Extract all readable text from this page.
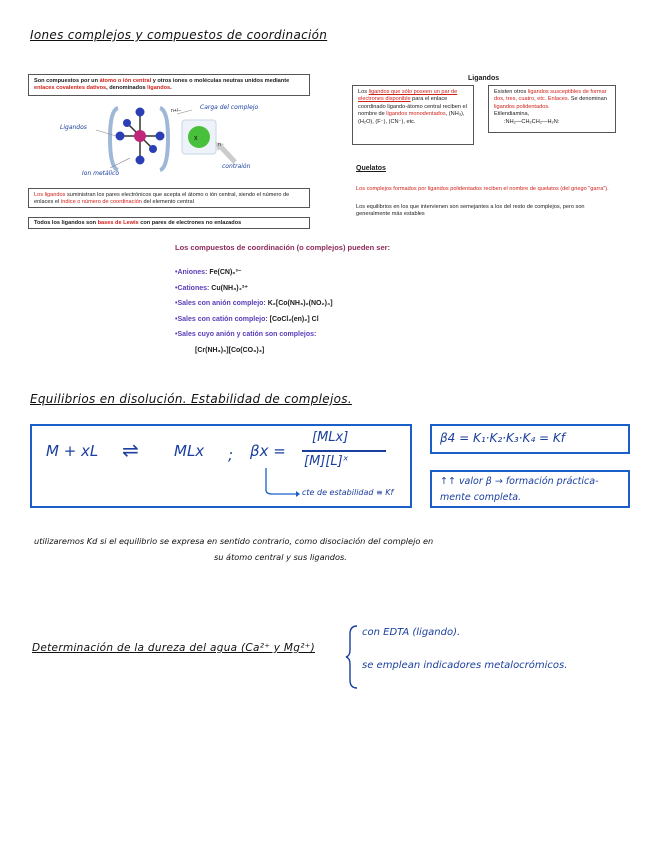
Iones complejos y compuestos de coordinación
Son compuestos por un átomo o ión central y otros iones o moléculas neutras unidos mediante enlaces covalentes dativos, denominados ligandos.
x
Ligandos
Carga del complejo
n+/–
n
Ion metálico
contraión
Los ligandos suministran los pares electrónicos que acepta el átomo o ión central, siendo el número de enlaces el índice o número de coordinación del elemento central
Todos los ligandos son bases de Lewis con pares de electrones no enlazados
Ligandos
Los ligandos que sólo poseen un par de electrones disponible para el enlace coordinado ligando-átomo central reciben el nombre de ligandos monodentados, (NH₃), (H₂O), (F⁻), (CN⁻), etc.
Existen otros ligandos susceptibles de formar dos, tres, cuatro, etc. Enlaces. Se denominan ligandos polidentados.
Etilendiamina,
:NH₂—CH₂CH₂—H₂N:
Quelatos
Los complejos formados por ligandos polidentados reciben el nombre de quelatos (del griego "garra").
Los equilibrios en los que intervienen son semejantes a los del resto de complejos, pero son generalmente más estables
Los compuestos de coordinación (o complejos) pueden ser:
•Aniones: Fe(CN)₆³⁻
•Cationes: Cu(NH₃)₄²⁺
•Sales con anión complejo: K₂[Co(NH₃)₂(NO₂)₄]
•Sales con catión complejo: [CoCl₂(en)₂] Cl
•Sales cuyo anión y catión son complejos:
[Cr(NH₃)₆][Co(CO₃)₃]
Equilibrios en disolución. Estabilidad de complejos.
M + xL ⇌ MLx ; βx =
[MLx]
[M][L]ˣ
cte de estabilidad ≡ Kf
β4 = K₁·K₂·K₃·K₄ = Kf
↑↑ valor β → formación práctica-
mente completa.
utilizaremos Kd si el equilibrio se expresa en sentido contrario, como disociación del complejo en
su átomo central y sus ligandos.
Determinación de la dureza del agua (Ca²⁺ y Mg²⁺)
con EDTA (ligando).
se emplean indicadores metalocrómicos.
